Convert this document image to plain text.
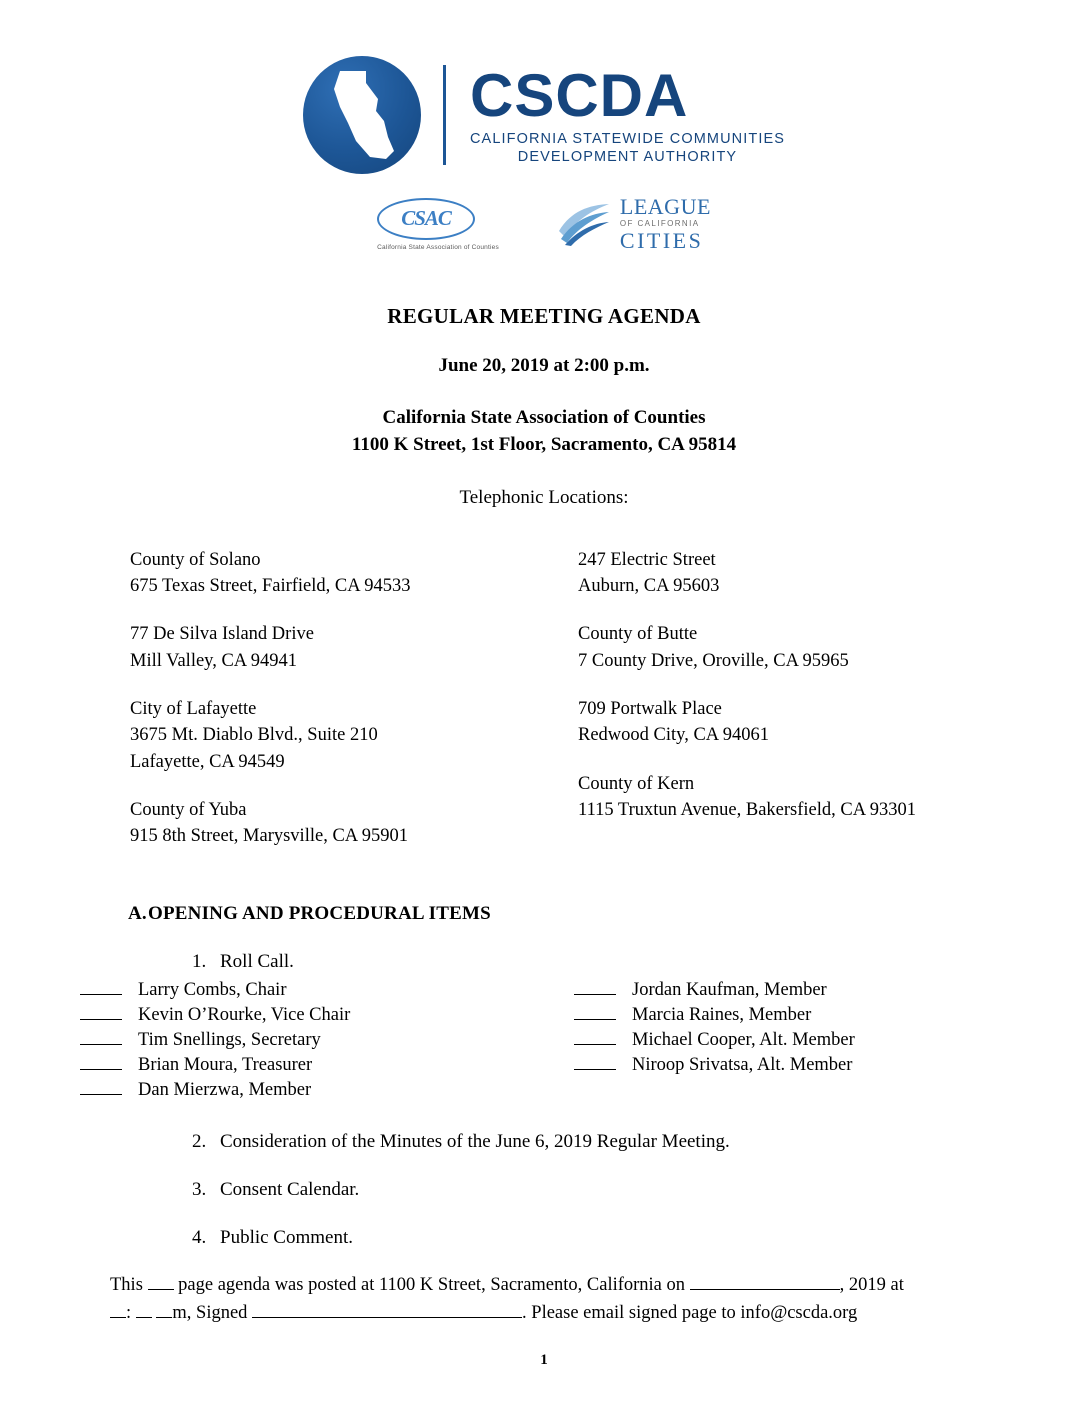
CSCDA
CALIFORNIA STATEWIDE COMMUNITIES
DEVELOPMENT AUTHORITY
CSAC
California State Association of Counties
LEAGUE
OF CALIFORNIA
CITIES
REGULAR MEETING AGENDA
June 20, 2019 at 2:00 p.m.
California State Association of Counties
1100 K Street, 1st Floor, Sacramento, CA 95814
Telephonic Locations:
County of Solano
675 Texas Street, Fairfield, CA 94533
77 De Silva Island Drive
Mill Valley, CA 94941
City of Lafayette
3675 Mt. Diablo Blvd., Suite 210
Lafayette, CA 94549
County of Yuba
915 8th Street, Marysville, CA 95901
247 Electric Street
Auburn, CA 95603
County of Butte
7 County Drive, Oroville, CA 95965
709 Portwalk Place
Redwood City, CA 94061
County of Kern
1115 Truxtun Avenue, Bakersfield, CA 93301
A. OPENING AND PROCEDURAL ITEMS
1. Roll Call.
Larry Combs, Chair
Kevin O’Rourke, Vice Chair
Tim Snellings, Secretary
Brian Moura, Treasurer
Dan Mierzwa, Member
Jordan Kaufman, Member
Marcia Raines, Member
Michael Cooper, Alt. Member
Niroop Srivatsa, Alt. Member
2. Consideration of the Minutes of the June 6, 2019 Regular Meeting.
3. Consent Calendar.
4. Public Comment.
This page agenda was posted at 1100 K Street, Sacramento, California on	, 2019 at
: m, Signed	. Please email signed page to info@cscda.org
1
